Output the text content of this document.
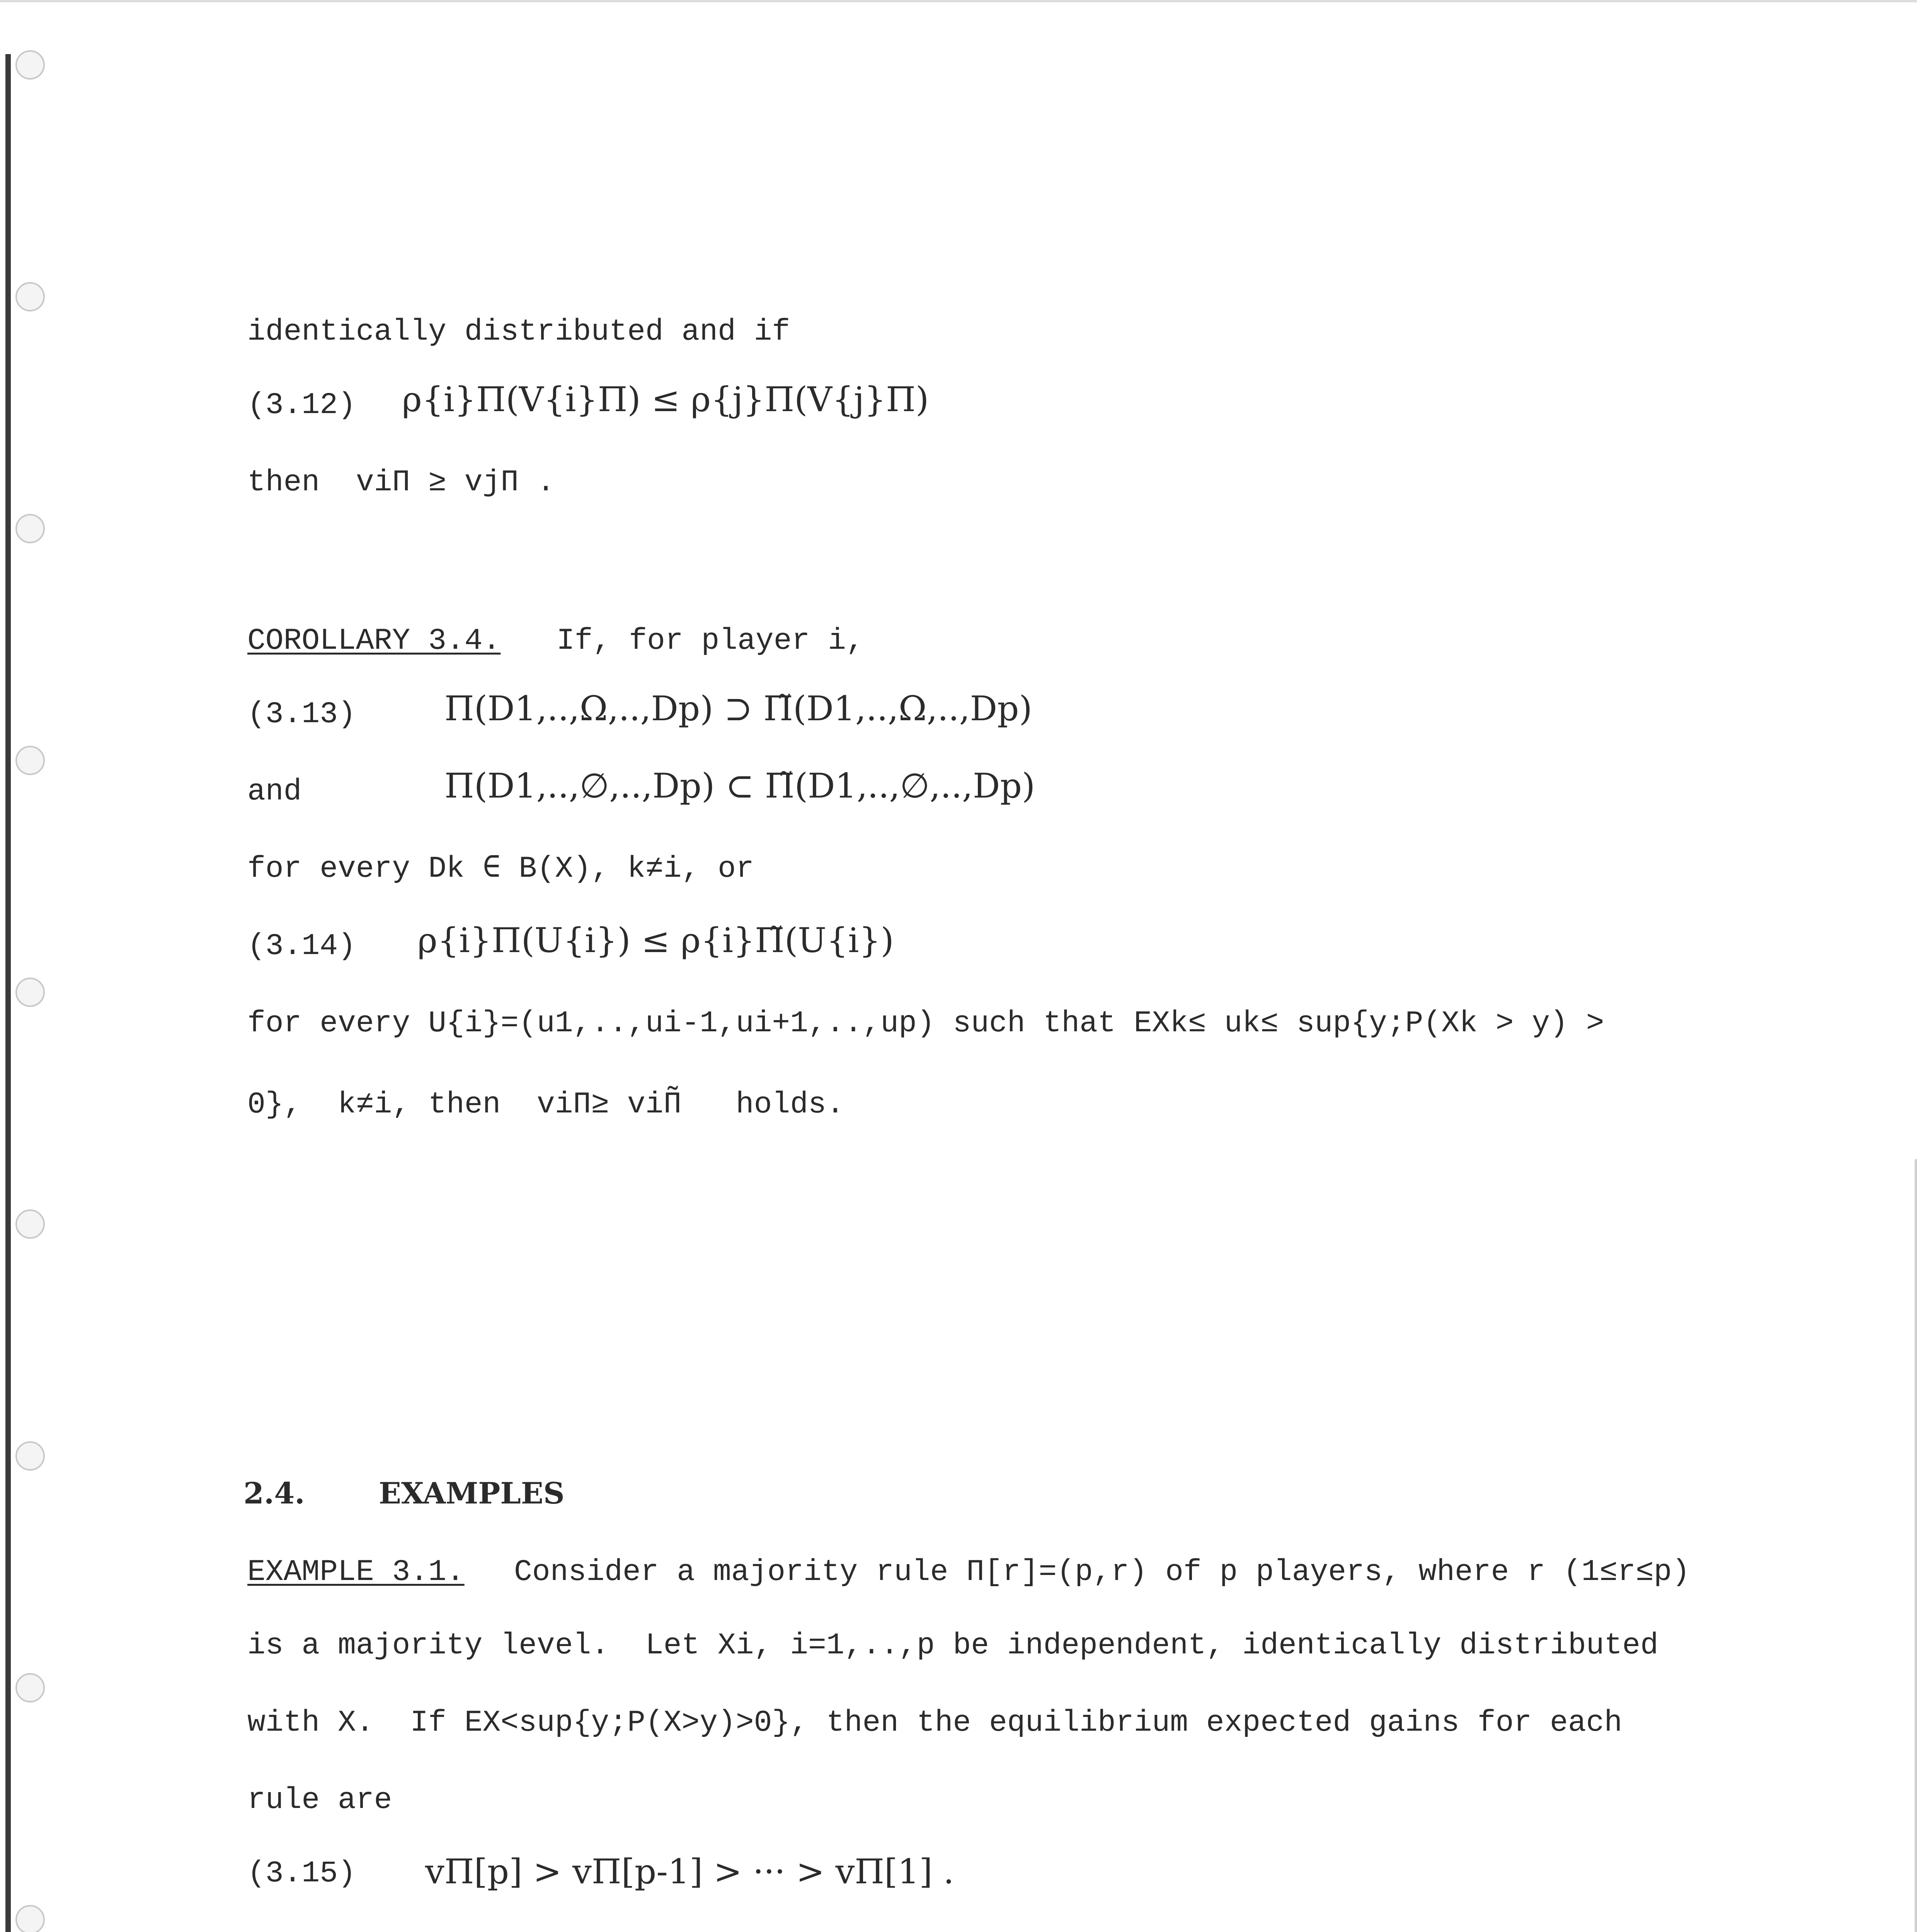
identically distributed and if
(3.12) ρ{i}Π(V{i}Π) ≤ ρ{j}Π(V{j}Π)
then  viΠ ≥ vjΠ .
COROLLARY 3.4. If, for player i,
(3.13)	Π(D1,..,Ω,..,Dp) ⊃ Π̃(D1,..,Ω,..,Dp)
and	Π(D1,..,∅,..,Dp) ⊂ Π̃(D1,..,∅,..,Dp)
for every Dk ∈ B(X), k≠i, or
(3.14) ρ{i}Π(U{i}) ≤ ρ{i}Π̃(U{i})
for every U{i}=(u1,..,ui-1,ui+1,..,up) such that EXk≤ uk≤ sup{y;P(Xk > y) >
0},  k≠i, then  viΠ≥ viΠ̃   holds.
2.4.	EXAMPLES
EXAMPLE 3.1. Consider a majority rule Π[r]=(p,r) of p players, where r (1≤r≤p)
is a majority level.  Let Xi, i=1,..,p be independent, identically distributed
with X.  If EX<sup{y;P(X>y)>0}, then the equilibrium expected gains for each
rule are
(3.15) vΠ[p] > vΠ[p-1] > ··· > vΠ[1] .
